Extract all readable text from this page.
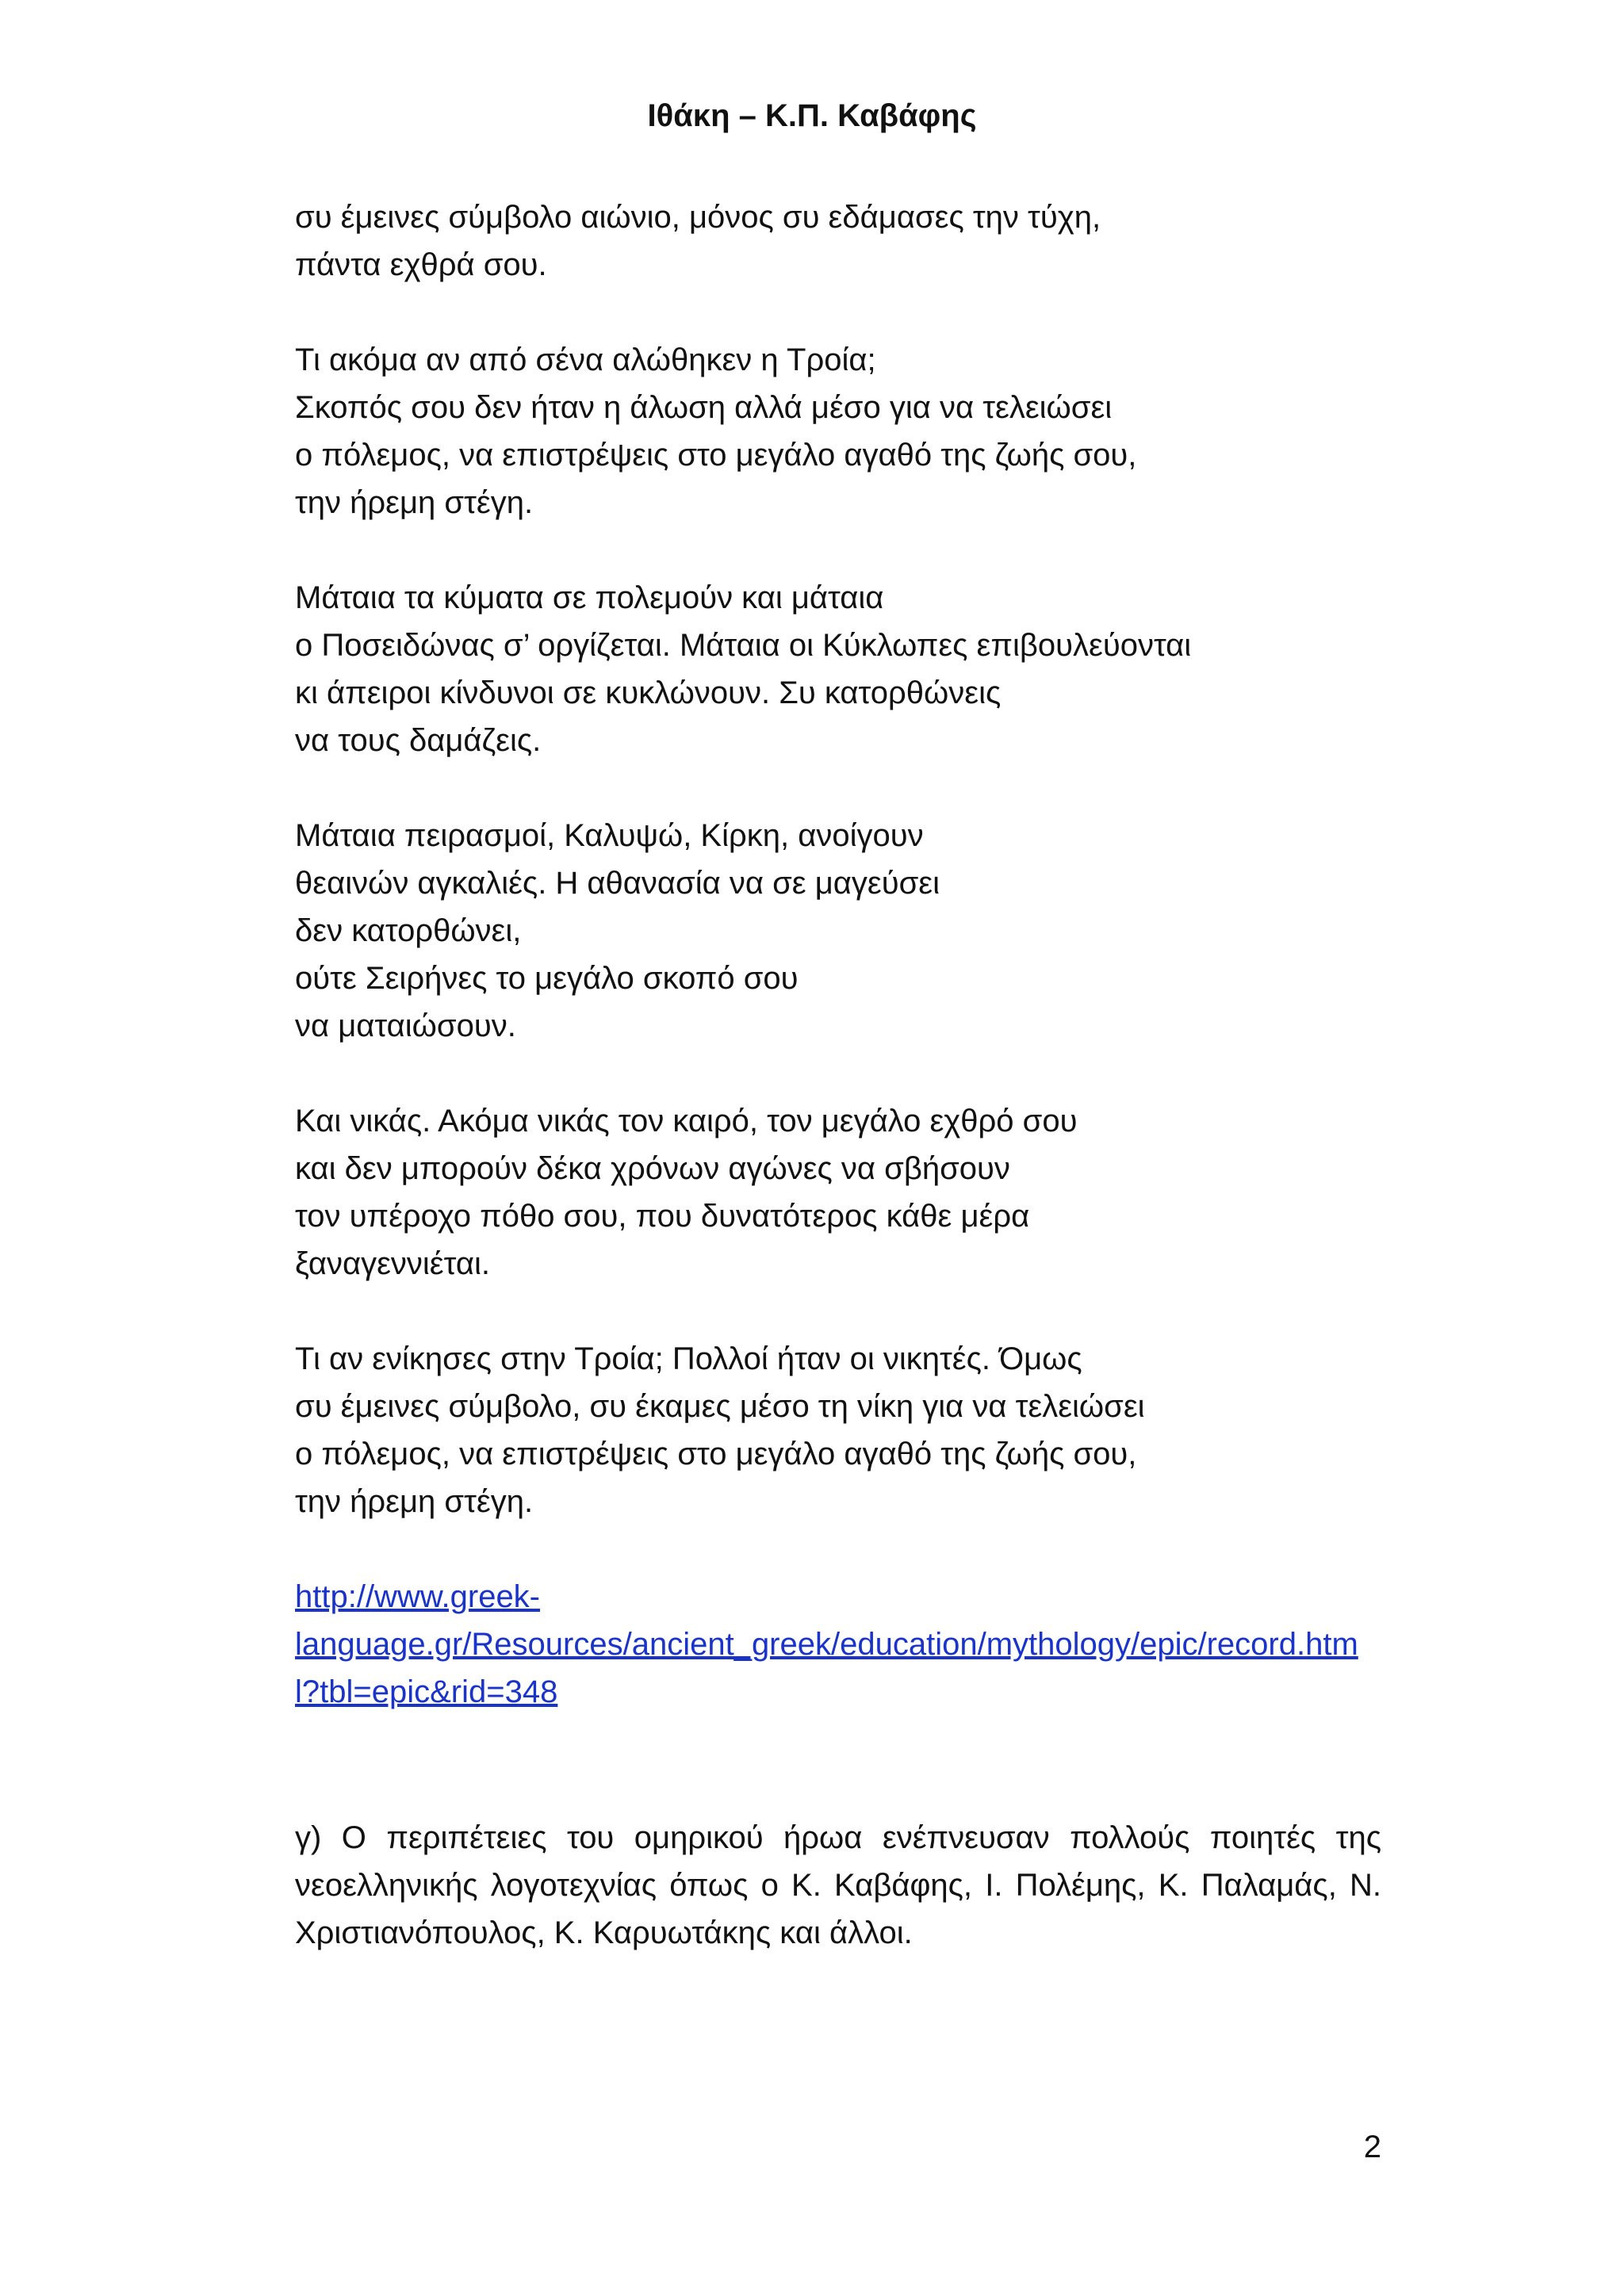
Ιθάκη – Κ.Π. Καβάφης
συ έμεινες σύμβολο αιώνιο, μόνος συ εδάμασες την τύχη,
πάντα εχθρά σου.
Τι ακόμα αν από σένα αλώθηκεν η Τροία;
Σκοπός σου δεν ήταν η άλωση αλλά μέσο για να τελειώσει
ο πόλεμος, να επιστρέψεις στο μεγάλο αγαθό της ζωής σου,
την ήρεμη στέγη.
Μάταια τα κύματα σε πολεμούν και μάταια
ο Ποσειδώνας σ’ οργίζεται. Μάταια οι Κύκλωπες επιβουλεύονται
κι άπειροι κίνδυνοι σε κυκλώνουν. Συ κατορθώνεις
να τους δαμάζεις.
Μάταια πειρασμοί, Καλυψώ, Κίρκη, ανοίγουν
θεαινών αγκαλιές. Η αθανασία να σε μαγεύσει
δεν κατορθώνει,
ούτε Σειρήνες το μεγάλο σκοπό σου
να ματαιώσουν.
Και νικάς. Ακόμα νικάς τον καιρό, τον μεγάλο εχθρό σου
και δεν μπορούν δέκα χρόνων αγώνες να σβήσουν
τον υπέροχο πόθο σου, που δυνατότερος κάθε μέρα
ξαναγεννιέται.
Τι αν ενίκησες στην Τροία; Πολλοί ήταν οι νικητές. Όμως
συ έμεινες σύμβολο, συ έκαμες μέσο τη νίκη για να τελειώσει
ο πόλεμος, να επιστρέψεις στο μεγάλο αγαθό της ζωής σου,
την ήρεμη στέγη.
http://www.greek-
language.gr/Resources/ancient_greek/education/mythology/epic/record.htm
l?tbl=epic&rid=348
γ) Ο περιπέτειες του ομηρικού ήρωα ενέπνευσαν πολλούς ποιητές της νεοελληνικής λογοτεχνίας όπως ο Κ. Καβάφης, Ι. Πολέμης, Κ. Παλαμάς, Ν. Χριστιανόπουλος, Κ. Καρυωτάκης και άλλοι.
2
